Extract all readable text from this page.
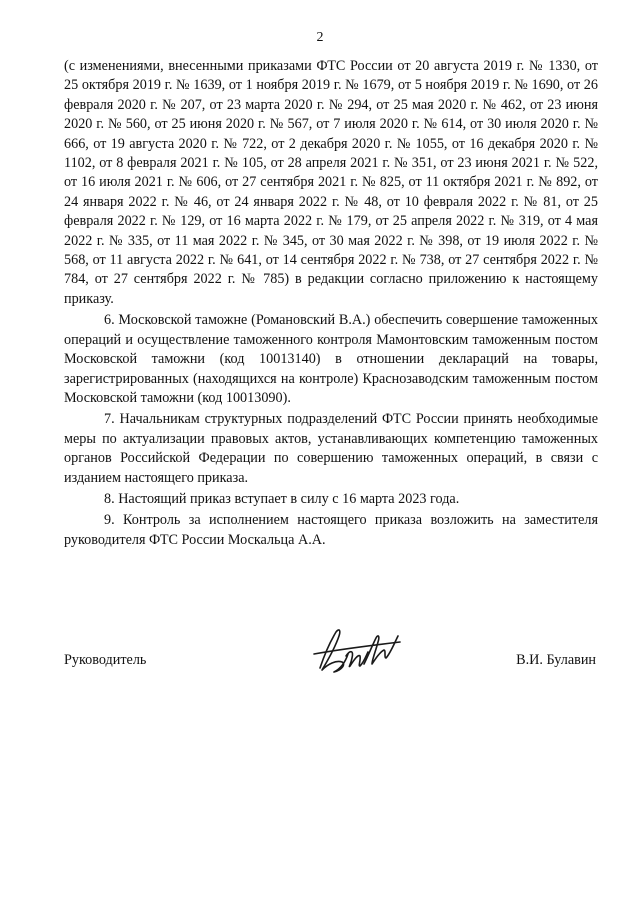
2

(с изменениями, внесенными приказами ФТС России от 20 августа 2019 г. № 1330, от 25 октября 2019 г. № 1639, от 1 ноября 2019 г. № 1679, от 5 ноября 2019 г. № 1690, от 26 февраля 2020 г. № 207, от 23 марта 2020 г. № 294, от 25 мая 2020 г. № 462, от 23 июня 2020 г. № 560, от 25 июня 2020 г. № 567, от 7 июля 2020 г. № 614, от 30 июля 2020 г. № 666, от 19 августа 2020 г. № 722, от 2 декабря 2020 г. № 1055, от 16 декабря 2020 г. № 1102, от 8 февраля 2021 г. № 105, от 28 апреля 2021 г. № 351, от 23 июня 2021 г. № 522, от 16 июля 2021 г. № 606, от 27 сентября 2021 г. № 825, от 11 октября 2021 г. № 892, от 24 января 2022 г. № 46, от 24 января 2022 г. № 48, от 10 февраля 2022 г. № 81, от 25 февраля 2022 г. № 129, от 16 марта 2022 г. № 179, от 25 апреля 2022 г. № 319, от 4 мая 2022 г. № 335, от 11 мая 2022 г. № 345, от 30 мая 2022 г. № 398, от 19 июля 2022 г. № 568, от 11 августа 2022 г. № 641, от 14 сентября 2022 г. № 738, от 27 сентября 2022 г. № 784, от 27 сентября 2022 г. № 785) в редакции согласно приложению к настоящему приказу.

6. Московской таможне (Романовский В.А.) обеспечить совершение таможенных операций и осуществление таможенного контроля Мамонтовским таможенным постом Московской таможни (код 10013140) в отношении деклараций на товары, зарегистрированных (находящихся на контроле) Краснозаводским таможенным постом Московской таможни (код 10013090).

7. Начальникам структурных подразделений ФТС России принять необходимые меры по актуализации правовых актов, устанавливающих компетенцию таможенных органов Российской Федерации по совершению таможенных операций, в связи с изданием настоящего приказа.

8. Настоящий приказ вступает в силу с 16 марта 2023 года.

9. Контроль за исполнением настоящего приказа возложить на заместителя руководителя ФТС России Москальца А.А.

Руководитель	В.И. Булавин
